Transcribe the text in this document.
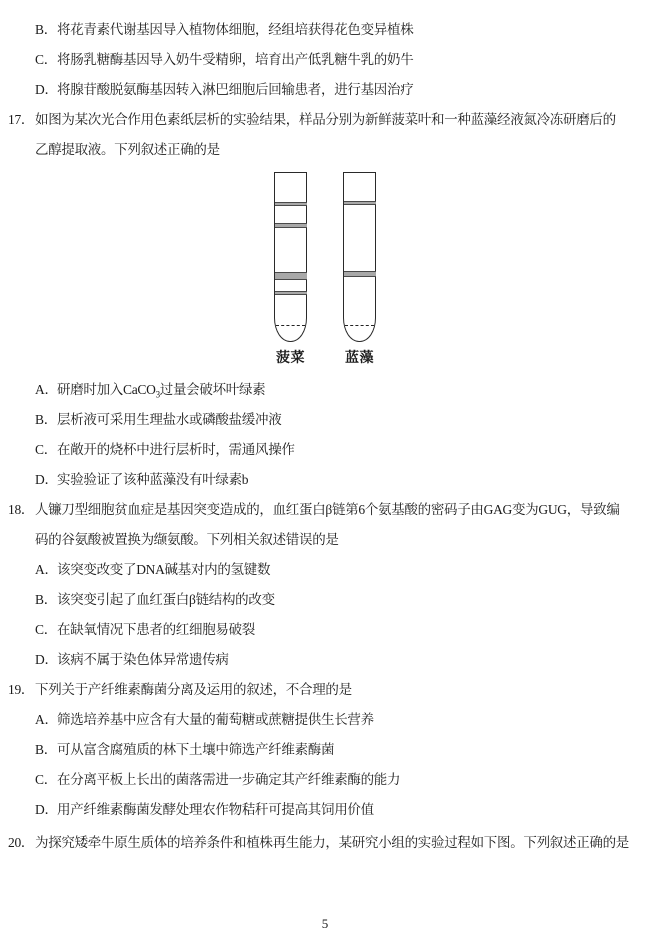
B．将花青素代谢基因导入植物体细胞，经组培获得花色变异植株
C．将肠乳糖酶基因导入奶牛受精卵，培育出产低乳糖牛乳的奶牛
D．将腺苷酸脱氨酶基因转入淋巴细胞后回输患者，进行基因治疗
17．如图为某次光合作用色素纸层析的实验结果，样品分别为新鲜菠菜叶和一种蓝藻经液氮冷冻研磨后的
乙醇提取液。下列叙述正确的是
菠菜	蓝藻
A．研磨时加入CaCO$_3$过量会破坏叶绿素
B．层析液可采用生理盐水或磷酸盐缓冲液
C．在敞开的烧杯中进行层析时，需通风操作
D．实验验证了该种蓝藻没有叶绿素b
18．人镰刀型细胞贫血症是基因突变造成的，血红蛋白β链第6个氨基酸的密码子由GAG变为GUG，导致编
码的谷氨酸被置换为缬氨酸。下列相关叙述错误的是
A．该突变改变了DNA碱基对内的氢键数
B．该突变引起了血红蛋白β链结构的改变
C．在缺氧情况下患者的红细胞易破裂
D．该病不属于染色体异常遗传病
19．下列关于产纤维素酶菌分离及运用的叙述，不合理的是
A．筛选培养基中应含有大量的葡萄糖或蔗糖提供生长营养
B．可从富含腐殖质的林下土壤中筛选产纤维素酶菌
C．在分离平板上长出的菌落需进一步确定其产纤维素酶的能力
D．用产纤维素酶菌发酵处理农作物秸秆可提高其饲用价值
20．为探究矮牵牛原生质体的培养条件和植株再生能力，某研究小组的实验过程如下图。下列叙述正确的是
5
